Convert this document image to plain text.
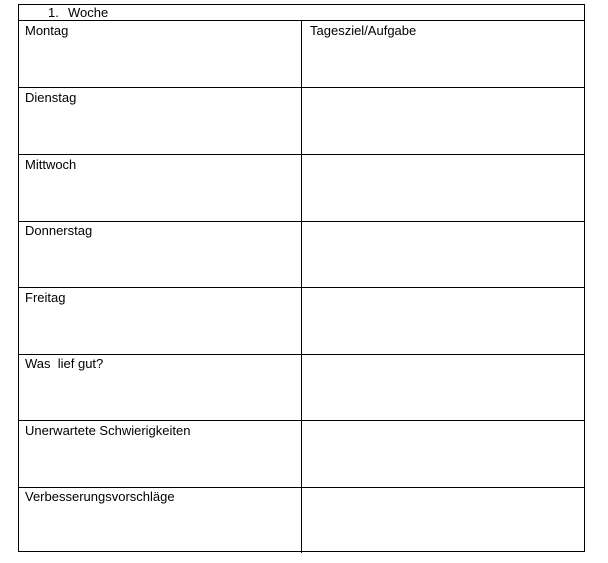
1. Woche
Montag	Tagesziel/Aufgabe
Dienstag
Mittwoch
Donnerstag
Freitag
Was  lief gut?
Unerwartete Schwierigkeiten
Verbesserungsvorschläge
